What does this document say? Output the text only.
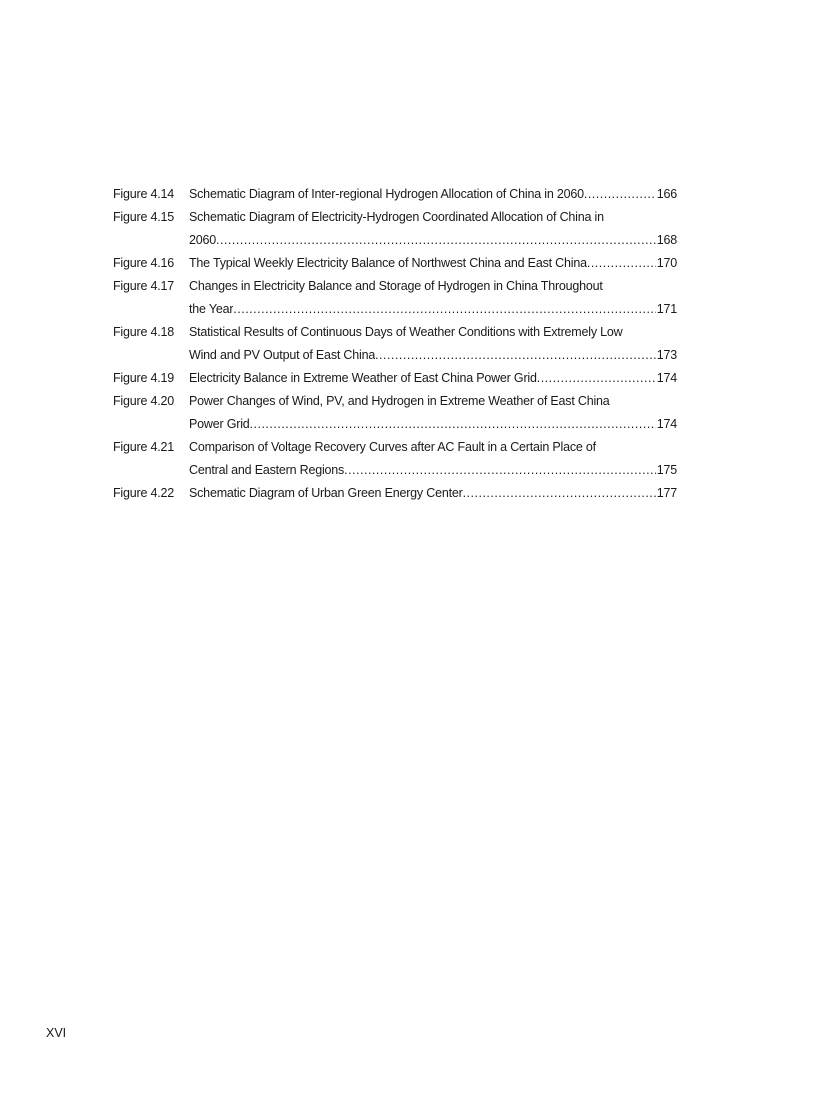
Figure 4.14	Schematic Diagram of Inter-regional Hydrogen Allocation of China in 2060 .....	166
Figure 4.15	Schematic Diagram of Electricity-Hydrogen Coordinated Allocation of China in
2060 .....	168
Figure 4.16	The Typical Weekly Electricity Balance of Northwest China and East China .....	170
Figure 4.17	Changes in Electricity Balance and Storage of Hydrogen in China Throughout
the Year .....	171
Figure 4.18	Statistical Results of Continuous Days of Weather Conditions with Extremely Low
Wind and PV Output of East China .....	173
Figure 4.19	Electricity Balance in Extreme Weather of East China Power Grid .....	174
Figure 4.20	Power Changes of Wind, PV, and Hydrogen in Extreme Weather of East China
Power Grid .....	174
Figure 4.21	Comparison of Voltage Recovery Curves after AC Fault in a Certain Place of
Central and Eastern Regions .....	175
Figure 4.22	Schematic Diagram of Urban Green Energy Center .....	177
XVI
